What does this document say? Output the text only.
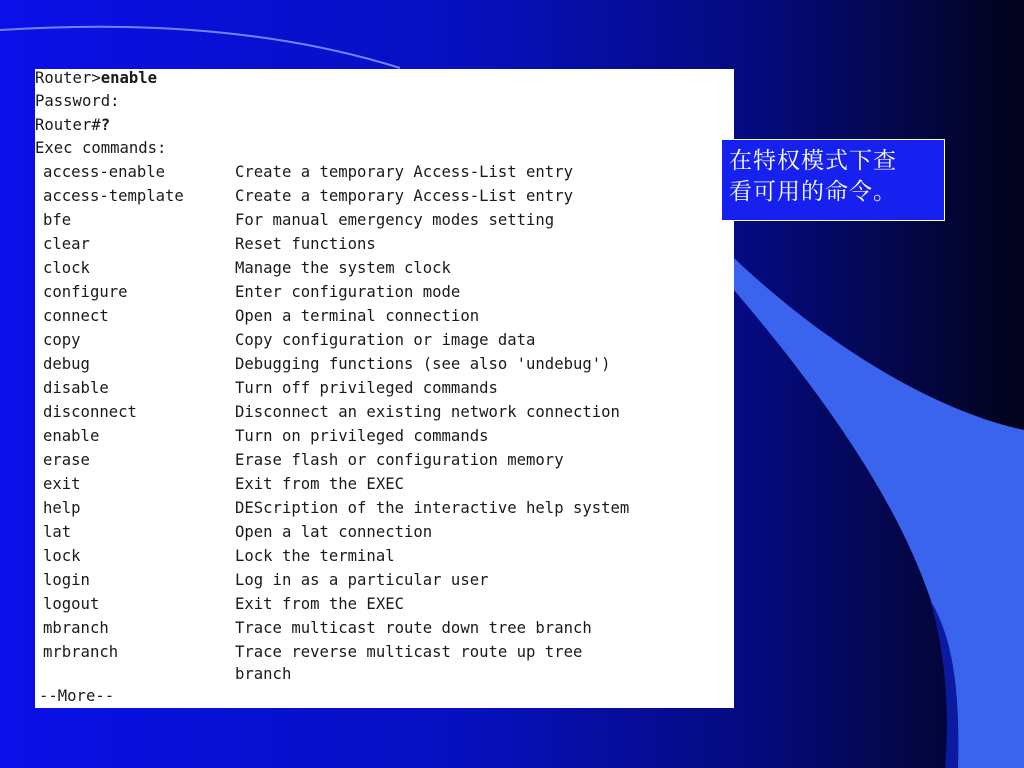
Router>enable
Password:
Router#?
Exec commands:
access-enable	Create a temporary Access-List entry
access-template	Create a temporary Access-List entry
bfe	For manual emergency modes setting
clear	Reset functions
clock	Manage the system clock
configure	Enter configuration mode
connect	Open a terminal connection
copy	Copy configuration or image data
debug	Debugging functions (see also 'undebug')
disable	Turn off privileged commands
disconnect	Disconnect an existing network connection
enable	Turn on privileged commands
erase	Erase flash or configuration memory
exit	Exit from the EXEC
help	DEScription of the interactive help system
lat	Open a lat connection
lock	Lock the terminal
login	Log in as a particular user
logout	Exit from the EXEC
mbranch	Trace multicast route down tree branch
mrbranch	Trace reverse multicast route up tree
branch
--More--
在特权模式下查
看可用的命令。
